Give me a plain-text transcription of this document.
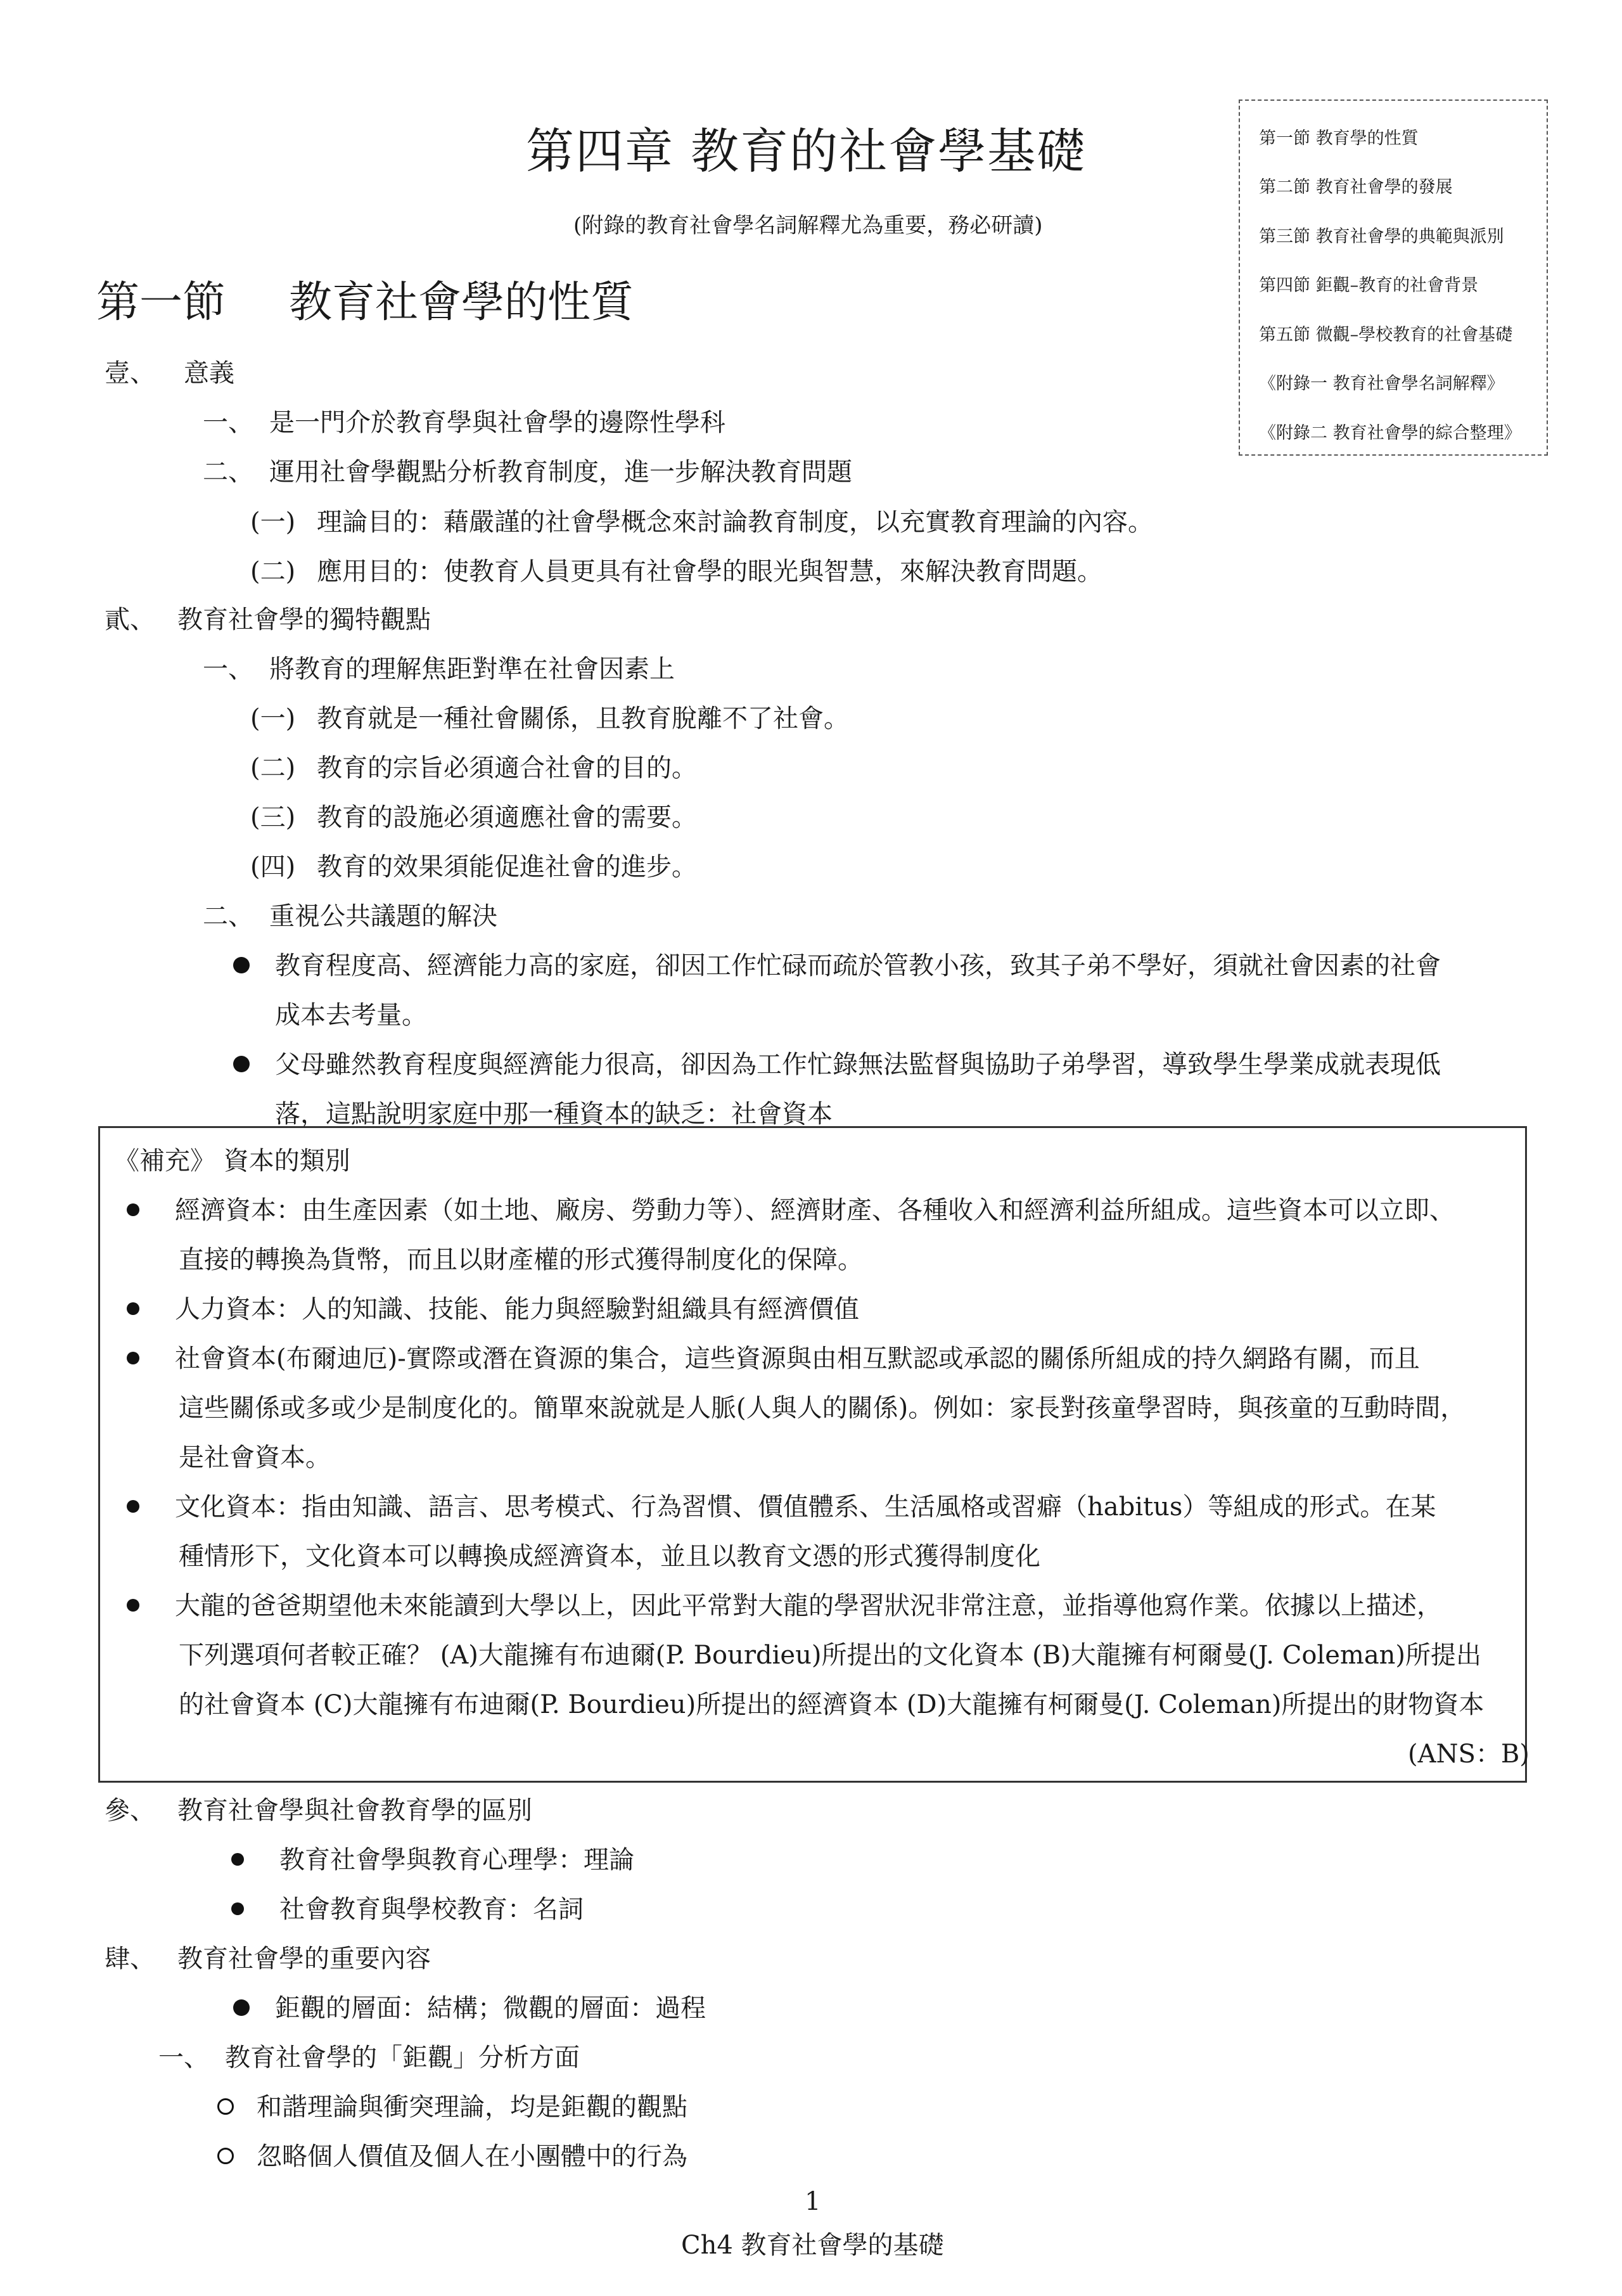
第四章 教育的社會學基礎
(附錄的教育社會學名詞解釋尤為重要，務必研讀)
第一節 教育學的性質
第二節 教育社會學的發展
第三節 教育社會學的典範與派別
第四節 鉅觀–教育的社會背景
第五節 微觀–學校教育的社會基礎
《附錄一 教育社會學名詞解釋》
《附錄二 教育社會學的綜合整理》
第一節 教育社會學的性質
壹、 意義
一、 是一門介於教育學與社會學的邊際性學科
二、 運用社會學觀點分析教育制度，進一步解決教育問題
(一) 理論目的：藉嚴謹的社會學概念來討論教育制度，以充實教育理論的內容。
(二) 應用目的：使教育人員更具有社會學的眼光與智慧，來解決教育問題。
貳、 教育社會學的獨特觀點
一、 將教育的理解焦距對準在社會因素上
(一) 教育就是一種社會關係，且教育脫離不了社會。
(二) 教育的宗旨必須適合社會的目的。
(三) 教育的設施必須適應社會的需要。
(四) 教育的效果須能促進社會的進步。
二、 重視公共議題的解決
教育程度高、經濟能力高的家庭，卻因工作忙碌而疏於管教小孩，致其子弟不學好，須就社會因素的社會
成本去考量。
父母雖然教育程度與經濟能力很高，卻因為工作忙錄無法監督與協助子弟學習，導致學生學業成就表現低
落，這點說明家庭中那一種資本的缺乏：社會資本
《補充》 資本的類別
經濟資本：由生產因素（如土地、廠房、勞動力等）、經濟財產、各種收入和經濟利益所組成。這些資本可以立即、
直接的轉換為貨幣，而且以財產權的形式獲得制度化的保障。
人力資本：人的知識、技能、能力與經驗對組織具有經濟價值
社會資本(布爾迪厄)-實際或潛在資源的集合，這些資源與由相互默認或承認的關係所組成的持久網路有關，而且
這些關係或多或少是制度化的。簡單來說就是人脈(人與人的關係)。例如：家長對孩童學習時，與孩童的互動時間，
是社會資本。
文化資本：指由知識、語言、思考模式、行為習慣、價值體系、生活風格或習癖（habitus）等組成的形式。在某
種情形下，文化資本可以轉換成經濟資本，並且以教育文憑的形式獲得制度化
大龍的爸爸期望他未來能讀到大學以上，因此平常對大龍的學習狀況非常注意，並指導他寫作業。依據以上描述，
下列選項何者較正確？ (A)大龍擁有布迪爾(P. Bourdieu)所提出的文化資本 (B)大龍擁有柯爾曼(J. Coleman)所提出
的社會資本 (C)大龍擁有布迪爾(P. Bourdieu)所提出的經濟資本 (D)大龍擁有柯爾曼(J. Coleman)所提出的財物資本
(ANS：B)
參、 教育社會學與社會教育學的區別
教育社會學與教育心理學：理論
社會教育與學校教育：名詞
肆、 教育社會學的重要內容
鉅觀的層面：結構；微觀的層面：過程
一、 教育社會學的「鉅觀」分析方面
和諧理論與衝突理論，均是鉅觀的觀點
忽略個人價值及個人在小團體中的行為
1
Ch4 教育社會學的基礎
